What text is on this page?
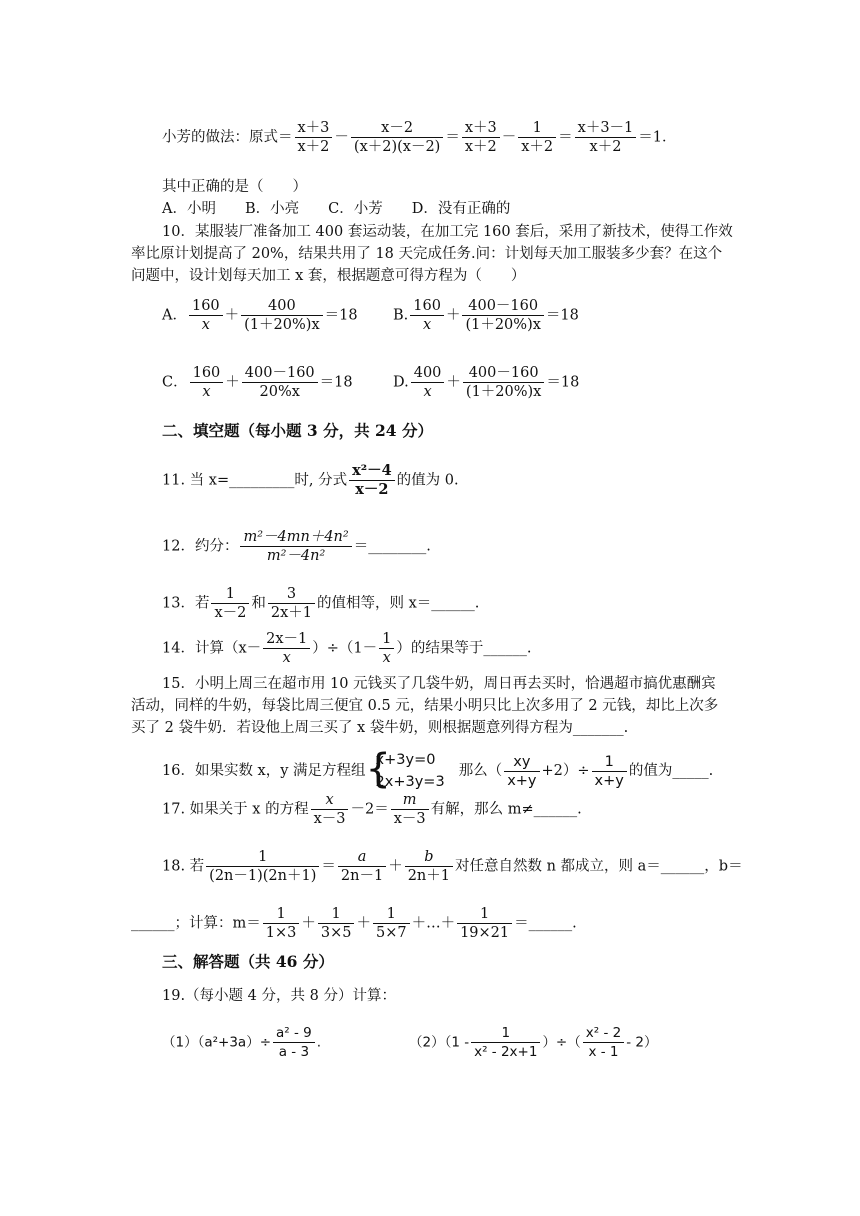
小芳的做法：原式＝ $\frac{x+3}{x+2} - \frac{x-2}{(x+2)(x-2)} = \frac{x+3}{x+2} - \frac{1}{x+2} = \frac{x+3-1}{x+2} =1$．
其中正确的是（　　）
A．小明　　B．小亮　　C．小芳　　D．没有正确的
10．某服装厂准备加工 400 套运动装，在加工完 160 套后，采用了新技术，使得工作效
率比原计划提高了 20%，结果共用了 18 天完成任务.问：计划每天加工服装多少套？在这个
问题中，设计划每天加工 x 套，根据题意可得方程为（　　）
A． $\frac{160}{x} + \frac{400}{(1+20\%)x} =18$ B. $\frac{160}{x} + \frac{400-160}{(1+20\%)x} =18$
C． $\frac{160}{x} + \frac{400-160}{20\%x} =18$	D. $\frac{400}{x} + \frac{400-160}{(1+20\%)x} =18$
二、填空题（每小题 3 分，共 24 分）
11. 当 x=_________时, 分式 $\frac{\text{x²－4}}{x-2}$ 的值为 0.
12．约分： $\frac{\text{m²－4mn＋4n²}}{\text{m²－4n²}}$ ＝________.
13．若 $\frac{1}{x-2}$ 和 $\frac{3}{2x+1}$ 的值相等，则 x＝______.
14．计算$(x- \frac{2x-1}{x} )\div(1- \frac{1}{x}$ ）的结果等于______.
15．小明上周三在超市用 10 元钱买了几袋牛奶，周日再去买时，恰遇超市搞优惠酬宾
活动，同样的牛奶，每袋比周三便宜 0.5 元，结果小明只比上次多用了 2 元钱，却比上次多
买了 2 袋牛奶．若设他上周三买了 x 袋牛奶，则根据题意列得方程为_______.
16．如果实数 x，y 满足方程组 {
x+3y=0
2x+3y=3
那么（ $\frac{xy}{x+y} +2)\div \frac{1}{x+y}$ 的值为_____.
17. 如果关于 x 的方程 $\frac{x}{x-3} -2= \frac{m}{x-3}$ 有解，那么 m≠______.
18. 若 $\frac{1}{(2n-1)(2n+1)} = \frac{a}{2n-1} + \frac{b}{2n+1}$ 对任意自然数 n 都成立，则 a＝______，b＝
______；计算：$m= \frac{1}{1\times 3} + \frac{1}{3\times 5} + \frac{1}{5\times 7}$ ＋…＋ $\frac{1}{19\times 21}$ ＝______.
三、解答题（共 46 分）
19.（每小题 4 分，共 8 分）计算：
$(1)(a^2+3a)\div \frac{\text{a² - 9}}{a - 3}$ .	$(2)(1 - \frac{1}{\text{x² - 2x+1}}$ ）÷（ $\frac{\text{x² - 2}}{x - 1} - 2$）
